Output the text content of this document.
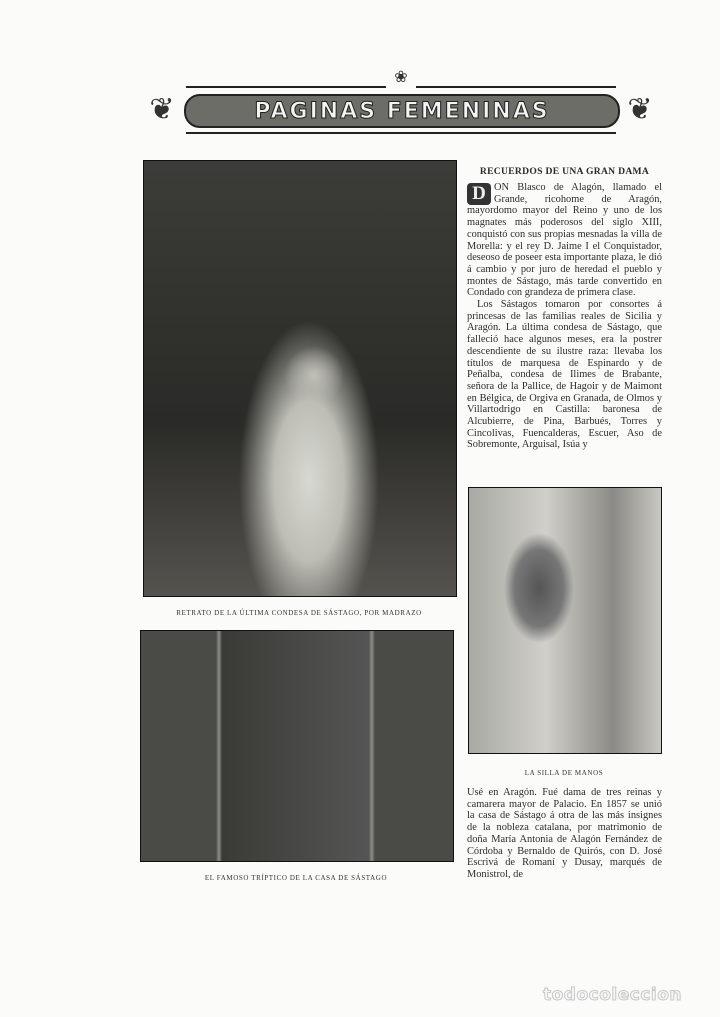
❦	❦
❀
PAGINAS FEMENINAS
RETRATO DE LA ÚLTIMA CONDESA DE SÁSTAGO, POR MADRAZO
EL FAMOSO TRÍPTICO DE LA CASA DE SÁSTAGO
LA SILLA DE MANOS
RECUERDOS DE UNA GRAN DAMA
D ON Blasco de Alagón, llamado el Grande, ricohome de Aragón, mayordomo mayor del Reino y uno de los magnates más poderosos del siglo XIII, conquistó con sus propias mesnadas la villa de Morella: y el rey D. Jaime I el Conquistador, deseoso de poseer esta importante plaza, le dió á cambio y por juro de heredad el pueblo y montes de Sástago, más tarde convertido en Condado con grandeza de primera clase.

Los Sástagos tomaron por consortes á princesas de las familias reales de Sicilia y Aragón. La última condesa de Sástago, que falleció hace algunos meses, era la postrer descendiente de su ilustre raza: llevaba los títulos de marquesa de Espinardo y de Peñalba, condesa de Ilimes de Brabante, señora de la Pallice, de Hagoir y de Maimont en Bélgica, de Orgiva en Granada, de Olmos y Villartodrigo en Castilla: baronesa de Alcubierre, de Pina, Barbués, Torres y Cincolivas, Fuencalderas, Escuer, Aso de Sobremonte, Arguisal, Isúa y

Usé en Aragón. Fué dama de tres reinas y camarera mayor de Palacio. En 1857 se unió la casa de Sástago á otra de las más insignes de la nobleza catalana, por matrimonio de doña María Antonia de Alagón Fernández de Córdoba y Bernaldo de Quirós, con D. José Escrivá de Romaní y Dusay, marqués de Monistrol, de

todocoleccion
